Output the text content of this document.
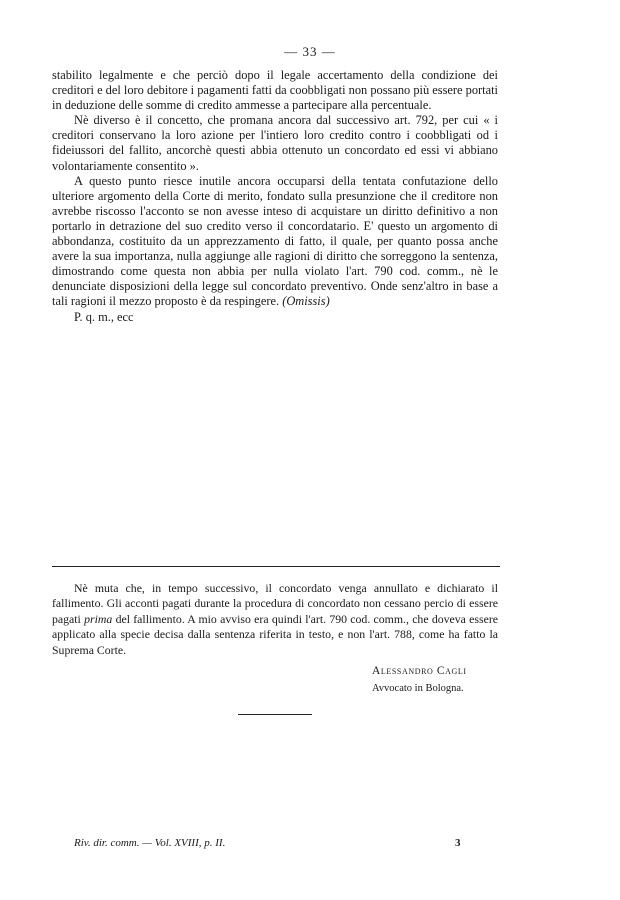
— 33 —

stabilito legalmente e che perciò dopo il legale accertamento della condizione dei creditori e del loro debitore i pagamenti fatti da coobbligati non possano più essere portati in deduzione delle somme di credito ammesse a partecipare alla percentuale.

Nè diverso è il concetto, che promana ancora dal successivo art. 792, per cui « i creditori conservano la loro azione per l'intiero loro credito contro i coobbligati od i fideiussori del fallito, ancorchè questi abbia ottenuto un concordato ed essi vi abbiano volontariamente consentito ».

A questo punto riesce inutile ancora occuparsi della tentata confutazione dello ulteriore argomento della Corte di merito, fondato sulla presunzione che il creditore non avrebbe riscosso l'acconto se non avesse inteso di acquistare un diritto definitivo a non portarlo in detrazione del suo credito verso il concordatario. E' questo un argomento di abbondanza, costituito da un apprezzamento di fatto, il quale, per quanto possa anche avere la sua importanza, nulla aggiunge alle ragioni di diritto che sorreggono la sentenza, dimostrando come questa non abbia per nulla violato l'art. 790 cod. comm., nè le denunciate disposizioni della legge sul concordato preventivo. Onde senz'altro in base a tali ragioni il mezzo proposto è da respingere. (Omissis)

P. q. m., ecc

Nè muta che, in tempo successivo, il concordato venga annullato e dichiarato il fallimento. Gli acconti pagati durante la procedura di concordato non cessano percio di essere pagati prima del fallimento. A mio avviso era quindi l'art. 790 cod. comm., che doveva essere applicato alla specie decisa dalla sentenza riferita in testo, e non l'art. 788, come ha fatto la Suprema Corte.

Alessandro Cagli
Avvocato in Bologna.
Riv. dir. comm. — Vol. XVIII, p. II.	3
